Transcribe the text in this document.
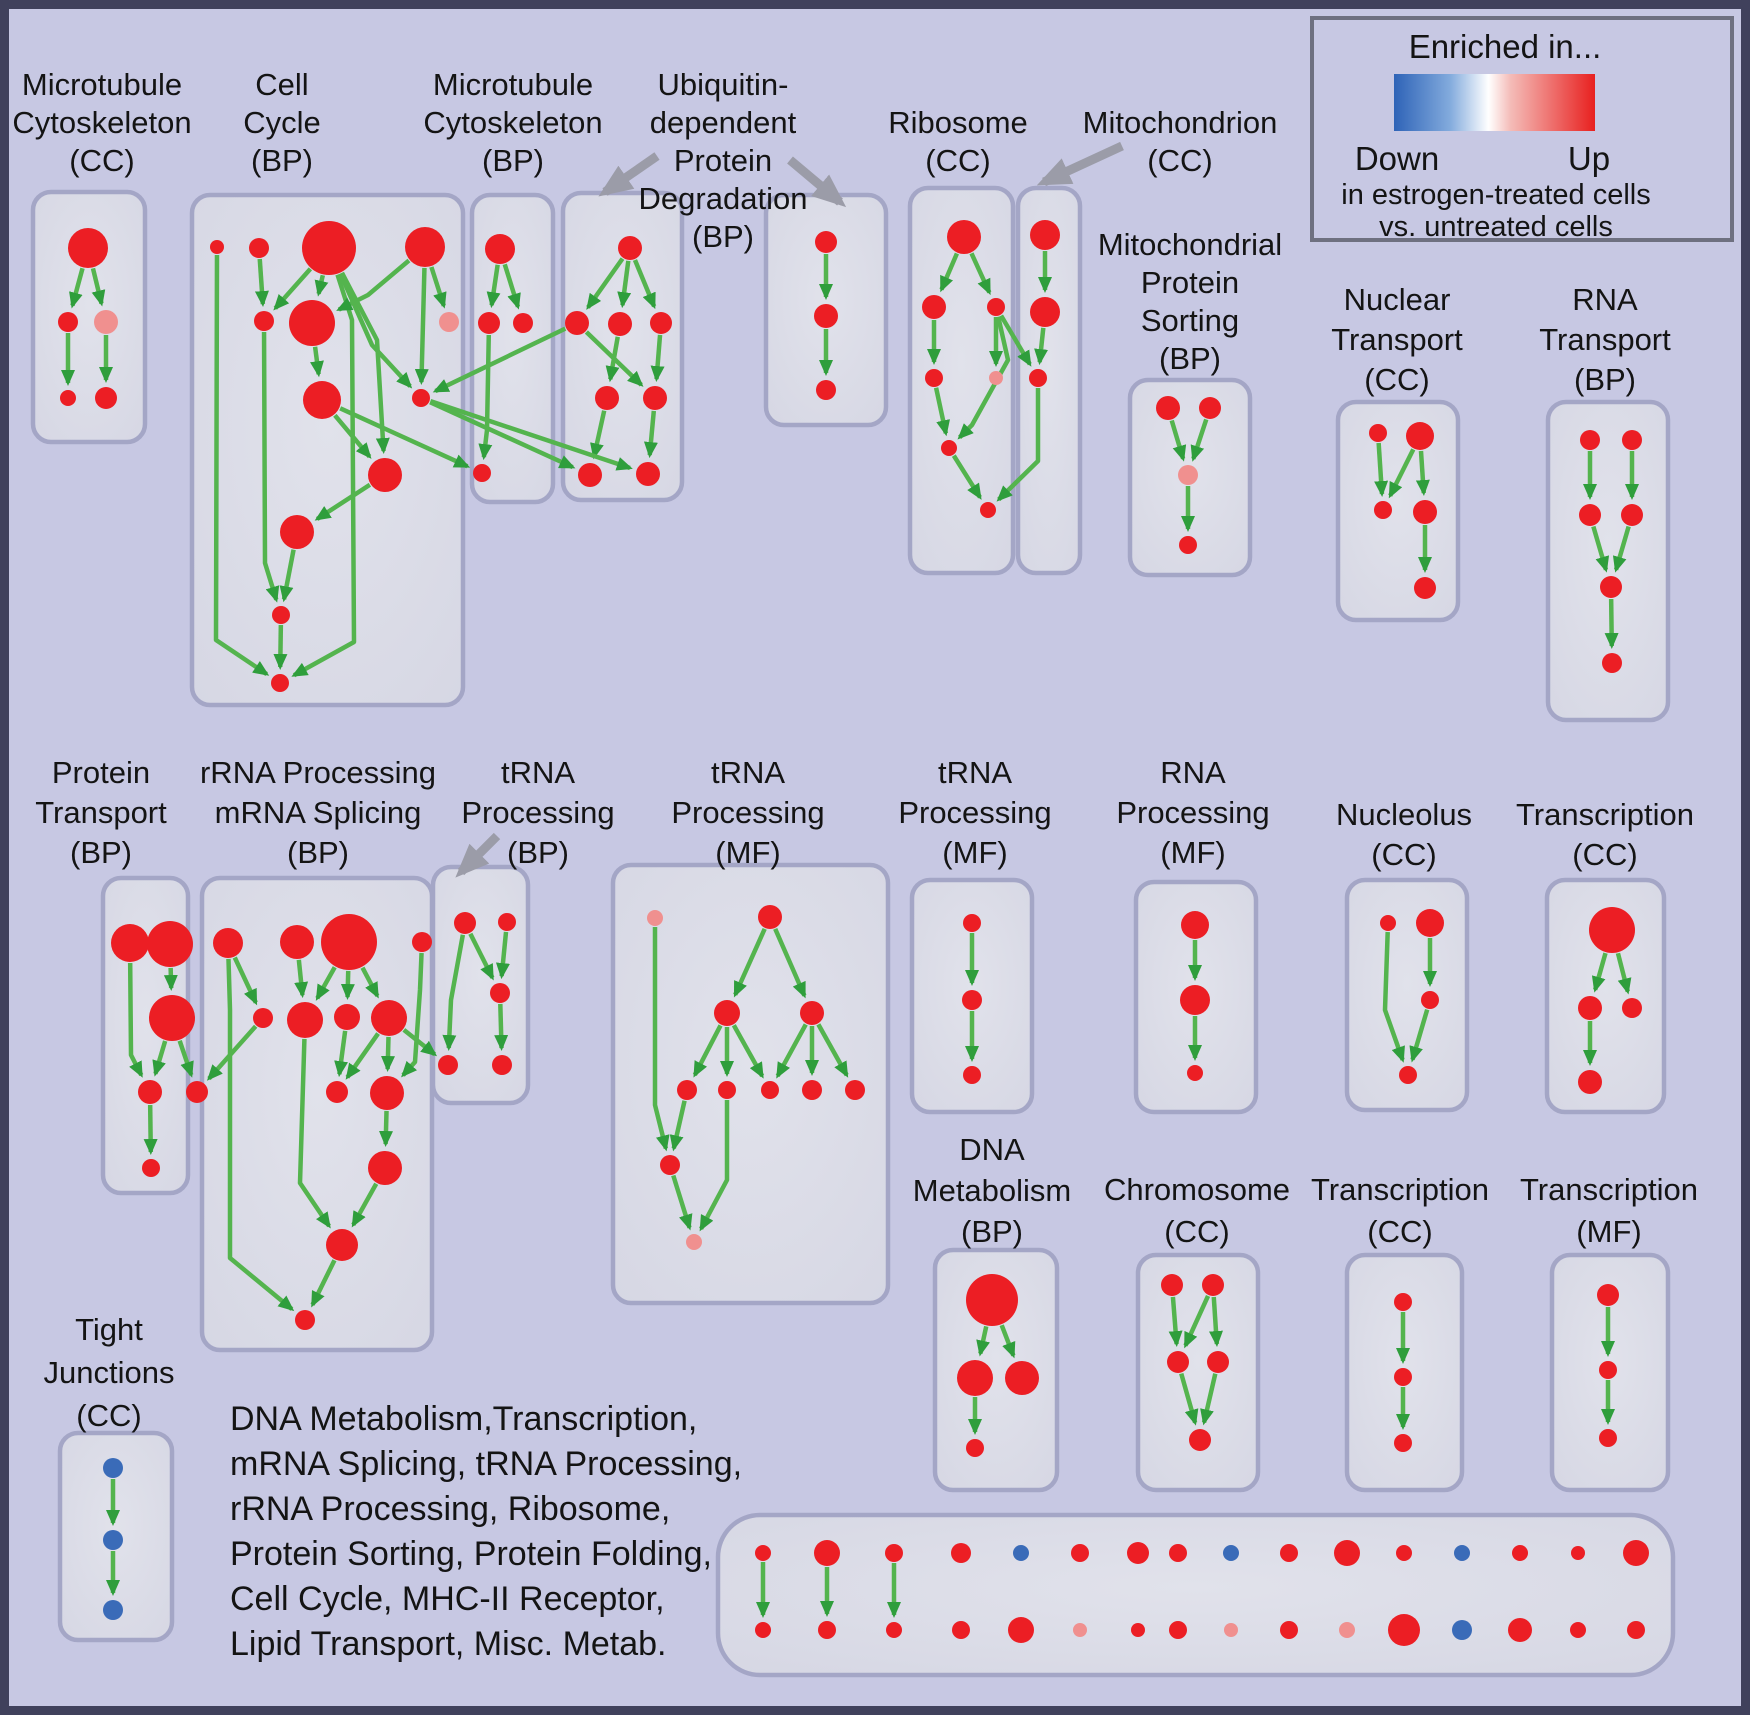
Microtubule Cytoskeleton (CC)
Cell Cycle (BP)
Microtubule Cytoskeleton (BP)
Ribosome (CC)
Mitochondrion (CC)
Mitochondrial Protein Sorting (BP)
Nuclear Transport (CC)
RNA Transport (BP)
Protein Transport (BP)
rRNA Processing mRNA Splicing (BP)
tRNA Processing (BP)
tRNA Processing (MF)
tRNA Processing (MF)
RNA Processing (MF)
Nucleolus (CC)
Transcription (CC)
DNA Metabolism (BP)
Chromosome (CC)
Transcription (CC)
Transcription (MF)
Tight Junctions (CC)
Ubiquitin-dependent Protein Degradation (BP)
DNA Metabolism,Transcription,
mRNA Splicing, tRNA Processing,
rRNA Processing, Ribosome,
Protein Sorting, Protein Folding,
Cell Cycle, MHC-II Receptor,
Lipid Transport, Misc. Metab.
Enriched in...
Down	Up
in estrogen-treated cells
vs. untreated cells
